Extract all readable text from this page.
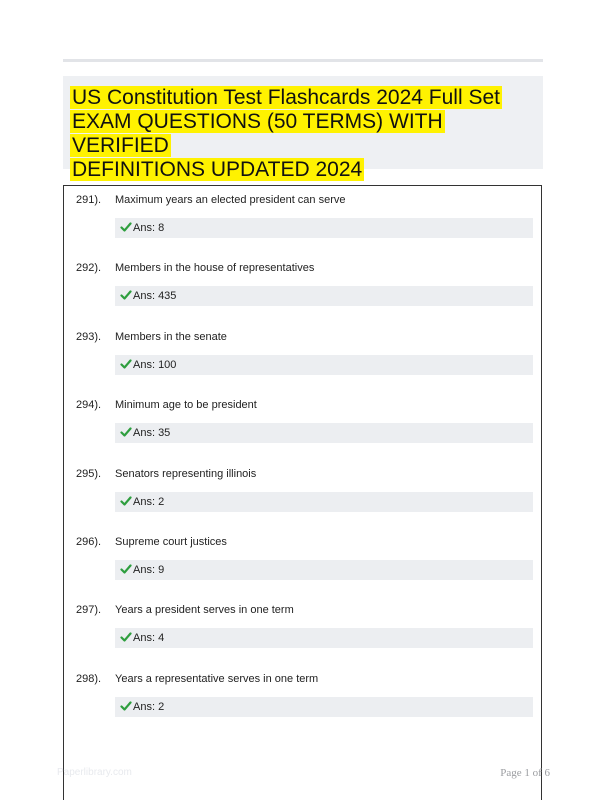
US Constitution Test Flashcards 2024 Full Set
EXAM QUESTIONS (50 TERMS) WITH VERIFIED
DEFINITIONS UPDATED 2024
291). Maximum years an elected president can serve
Ans: 8
292). Members in the house of representatives
Ans: 435
293). Members in the senate
Ans: 100
294). Minimum age to be president
Ans: 35
295). Senators representing illinois
Ans: 2
296). Supreme court justices
Ans: 9
297). Years a president serves in one term
Ans: 4
298). Years a representative serves in one term
Ans: 2
Paperlibrary.com	Page 1 of 6
